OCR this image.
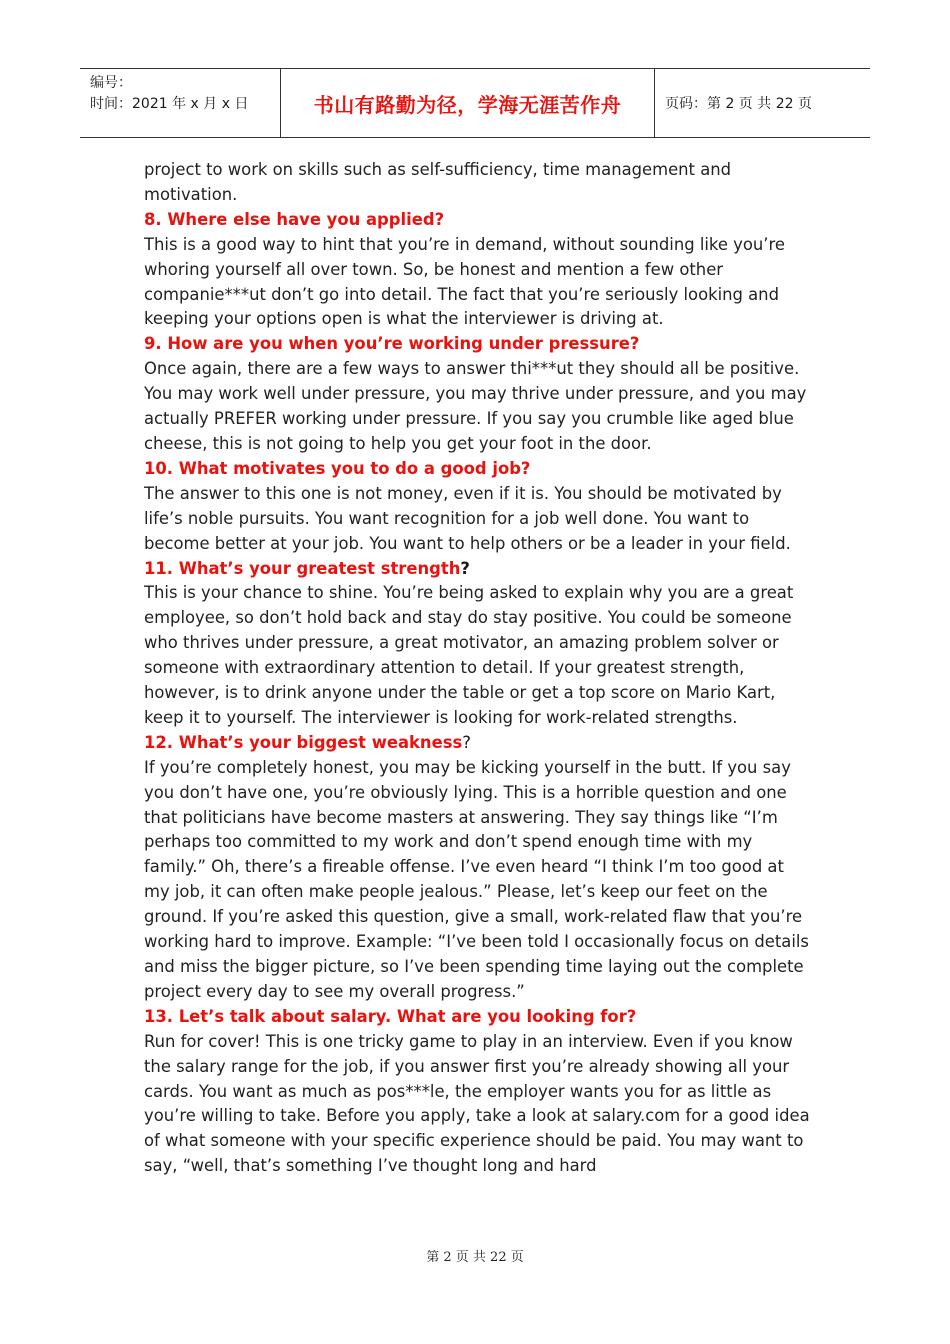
编号：
时间：2021 年 x 月 x 日	书山有路勤为径，学海无涯苦作舟	页码：第 2 页 共 22 页

project to work on skills such as self-sufficiency, time management and motivation.

8. Where else have you applied?

This is a good way to hint that you’re in demand, without sounding like you’re whoring yourself all over town. So, be honest and mention a few other companie***ut don’t go into detail. The fact that you’re seriously looking and keeping your options open is what the interviewer is driving at.

9. How are you when you’re working under pressure?

Once again, there are a few ways to answer thi***ut they should all be positive. You may work well under pressure, you may thrive under pressure, and you may actually PREFER working under pressure. If you say you crumble like aged blue cheese, this is not going to help you get your foot in the door.

10. What motivates you to do a good job?

The answer to this one is not money, even if it is. You should be motivated by life’s noble pursuits. You want recognition for a job well done. You want to become better at your job. You want to help others or be a leader in your field.

11. What’s your greatest strength?

This is your chance to shine. You’re being asked to explain why you are a great employee, so don’t hold back and stay do stay positive. You could be someone who thrives under pressure, a great motivator, an amazing problem solver or someone with extraordinary attention to detail. If your greatest strength, however, is to drink anyone under the table or get a top score on Mario Kart, keep it to yourself. The interviewer is looking for work-related strengths.

12. What’s your biggest weakness?

If you’re completely honest, you may be kicking yourself in the butt. If you say you don’t have one, you’re obviously lying. This is a horrible question and one that politicians have become masters at answering. They say things like “I’m perhaps too committed to my work and don’t spend enough time with my family.” Oh, there’s a fireable offense. I’ve even heard “I think I’m too good at my job, it can often make people jealous.” Please, let’s keep our feet on the ground. If you’re asked this question, give a small, work-related flaw that you’re working hard to improve. Example: “I’ve been told I occasionally focus on details and miss the bigger picture, so I’ve been spending time laying out the complete project every day to see my overall progress.”

13. Let’s talk about salary. What are you looking for?

Run for cover! This is one tricky game to play in an interview. Even if you know the salary range for the job, if you answer first you’re already showing all your cards. You want as much as pos***le, the employer wants you for as little as you’re willing to take. Before you apply, take a look at salary.com for a good idea of what someone with your specific experience should be paid. You may want to say, “well, that’s something I’ve thought long and hard

第 2 页 共 22 页
